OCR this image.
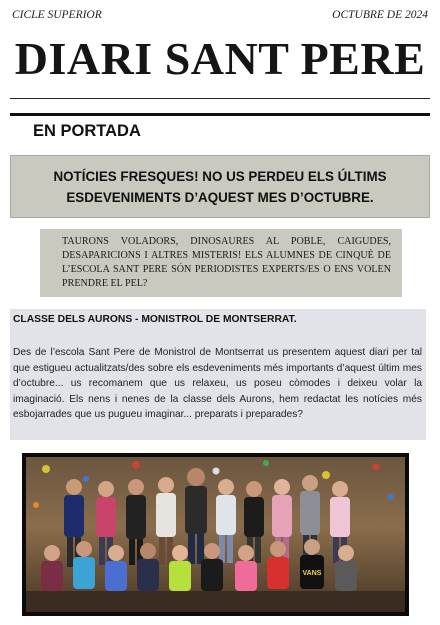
CICLE SUPERIOR	OCTUBRE DE 2024
DIARI SANT PERE
EN PORTADA
NOTÍCIES FRESQUES! NO US PERDEU ELS ÚLTIMS ESDEVENIMENTS D’AQUEST MES D’OCTUBRE.
TAURONS VOLADORS, DINOSAURES AL POBLE, CAIGUDES, DESAPARICIONS I ALTRES MISTERIS! ELS ALUMNES DE CINQUÈ DE L’ESCOLA SANT PERE SÓN PERIODISTES EXPERTS/ES O ENS VOLEN PRENDRE EL PEL?
CLASSE DELS AURONS - MONISTROL DE MONTSERRAT.
Des de l’escola Sant Pere de Monistrol de Montserrat us presentem aquest diari per tal que estigueu actualitzats/des sobre els esdeveniments més importants d’aquest últim mes d’octubre... us recomanem que us relaxeu, us poseu còmodes i deixeu volar la imaginació. Els nens i nenes de la classe dels Aurons, hem redactat les notícies més esbojarrades que us pugueu imaginar... preparats i preparades?
VANS
